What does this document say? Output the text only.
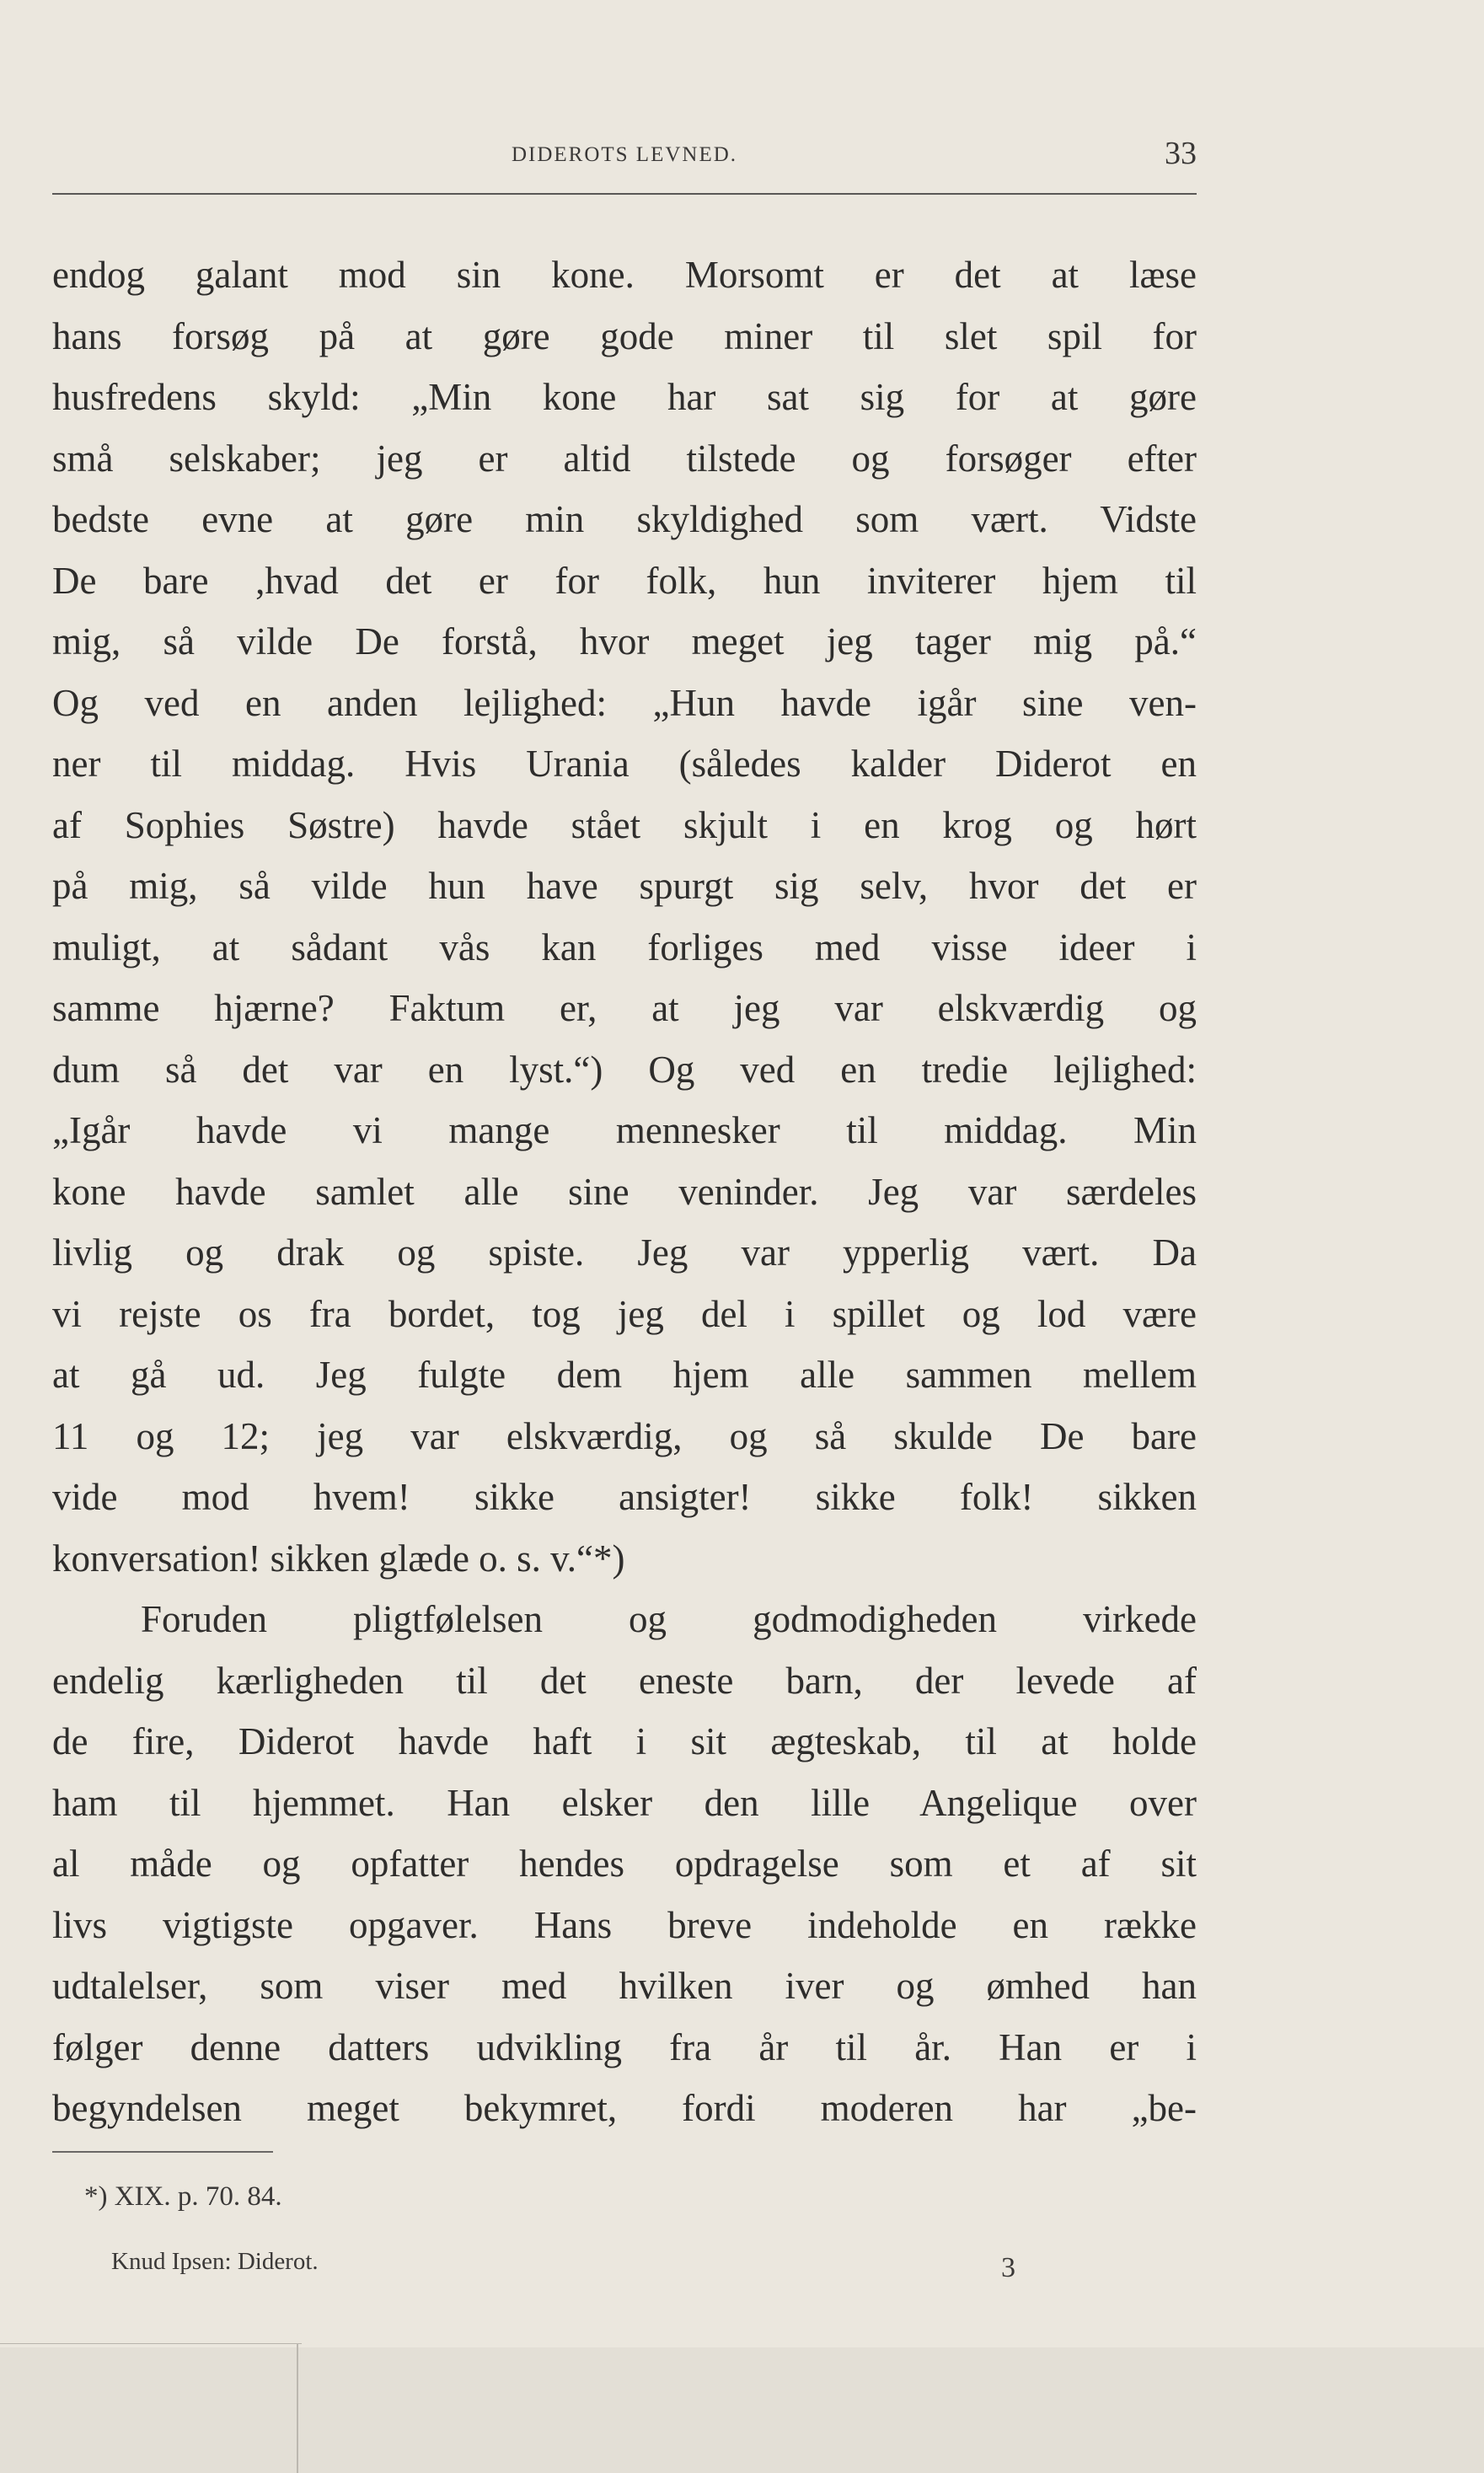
DIDEROTS LEVNED.	33
endog galant mod sin kone. Morsomt er det at læse
hans forsøg på at gøre gode miner til slet spil for
husfredens skyld: „Min kone har sat sig for at gøre
små selskaber; jeg er altid tilstede og forsøger efter
bedste evne at gøre min skyldighed som vært. Vidste
De bare ,hvad det er for folk, hun inviterer hjem til
mig, så vilde De forstå, hvor meget jeg tager mig på.“
Og ved en anden lejlighed: „Hun havde igår sine ven-
ner til middag. Hvis Urania (således kalder Diderot en
af Sophies Søstre) havde stået skjult i en krog og hørt
på mig, så vilde hun have spurgt sig selv, hvor det er
muligt, at sådant vås kan forliges med visse ideer i
samme hjærne? Faktum er, at jeg var elskværdig og
dum så det var en lyst.“) Og ved en tredie lejlighed:
„Igår havde vi mange mennesker til middag. Min
kone havde samlet alle sine veninder. Jeg var særdeles
livlig og drak og spiste. Jeg var ypperlig vært. Da
vi rejste os fra bordet, tog jeg del i spillet og lod være
at gå ud. Jeg fulgte dem hjem alle sammen mellem
11 og 12; jeg var elskværdig, og så skulde De bare
vide mod hvem! sikke ansigter! sikke folk! sikken
konversation! sikken glæde o. s. v.“*)
Foruden pligtfølelsen og godmodigheden virkede
endelig kærligheden til det eneste barn, der levede af
de fire, Diderot havde haft i sit ægteskab, til at holde
ham til hjemmet. Han elsker den lille Angelique over
al måde og opfatter hendes opdragelse som et af sit
livs vigtigste opgaver. Hans breve indeholde en række
udtalelser, som viser med hvilken iver og ømhed han
følger denne datters udvikling fra år til år. Han er i
begyndelsen meget bekymret, fordi moderen har „be-
*) XIX. p. 70. 84.
Knud Ipsen: Diderot.	3
